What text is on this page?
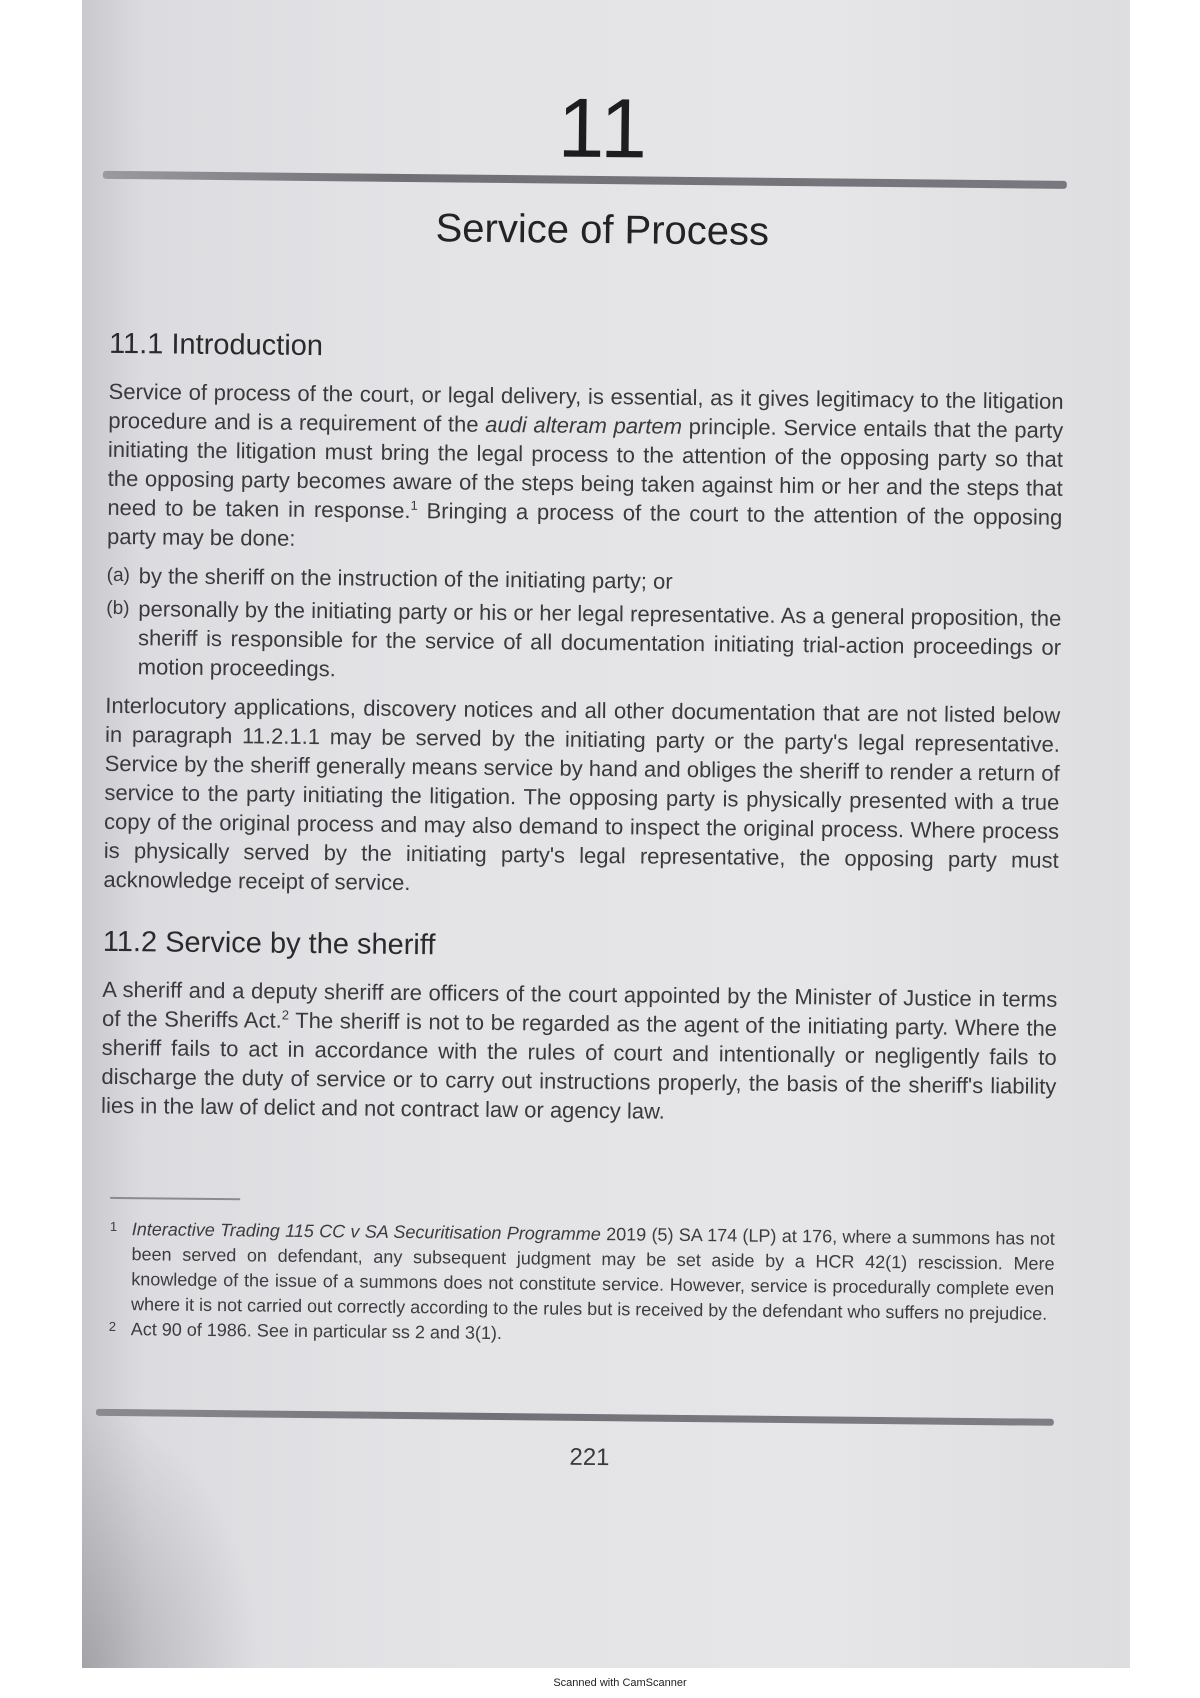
11
Service of Process
11.1 Introduction

Service of process of the court, or legal delivery, is essential, as it gives legitimacy to the litigation procedure and is a requirement of the audi alteram partem principle. Service entails that the party initiating the litigation must bring the legal process to the attention of the opposing party so that the opposing party becomes aware of the steps being taken against him or her and the steps that need to be taken in response.$^1$ Bringing a process of the court to the attention of the opposing party may be done:

(a) by the sheriff on the instruction of the initiating party; or
(b) personally by the initiating party or his or her legal representative. As a general proposition, the sheriff is responsible for the service of all documentation initiating trial-action proceedings or motion proceedings.

Interlocutory applications, discovery notices and all other documentation that are not listed below in paragraph 11.2.1.1 may be served by the initiating party or the party's legal representative. Service by the sheriff generally means service by hand and obliges the sheriff to render a return of service to the party initiating the litigation. The opposing party is physically presented with a true copy of the original process and may also demand to inspect the original process. Where process is physically served by the initiating party's legal representative, the opposing party must acknowledge receipt of service.

11.2 Service by the sheriff

A sheriff and a deputy sheriff are officers of the court appointed by the Minister of Justice in terms of the Sheriffs Act.$^2$ The sheriff is not to be regarded as the agent of the initiating party. Where the sheriff fails to act in accordance with the rules of court and intentionally or negligently fails to discharge the duty of service or to carry out instructions properly, the basis of the sheriff's liability lies in the law of delict and not contract law or agency law.

1 Interactive Trading 115 CC v SA Securitisation Programme 2019 (5) SA 174 (LP) at 176, where a summons has not been served on defendant, any subsequent judgment may be set aside by a HCR 42(1) rescission. Mere knowledge of the issue of a summons does not constitute service. However, service is procedurally complete even where it is not carried out correctly according to the rules but is received by the defendant who suffers no prejudice.
2 Act 90 of 1986. See in particular ss 2 and 3(1).
221
Scanned with CamScanner
